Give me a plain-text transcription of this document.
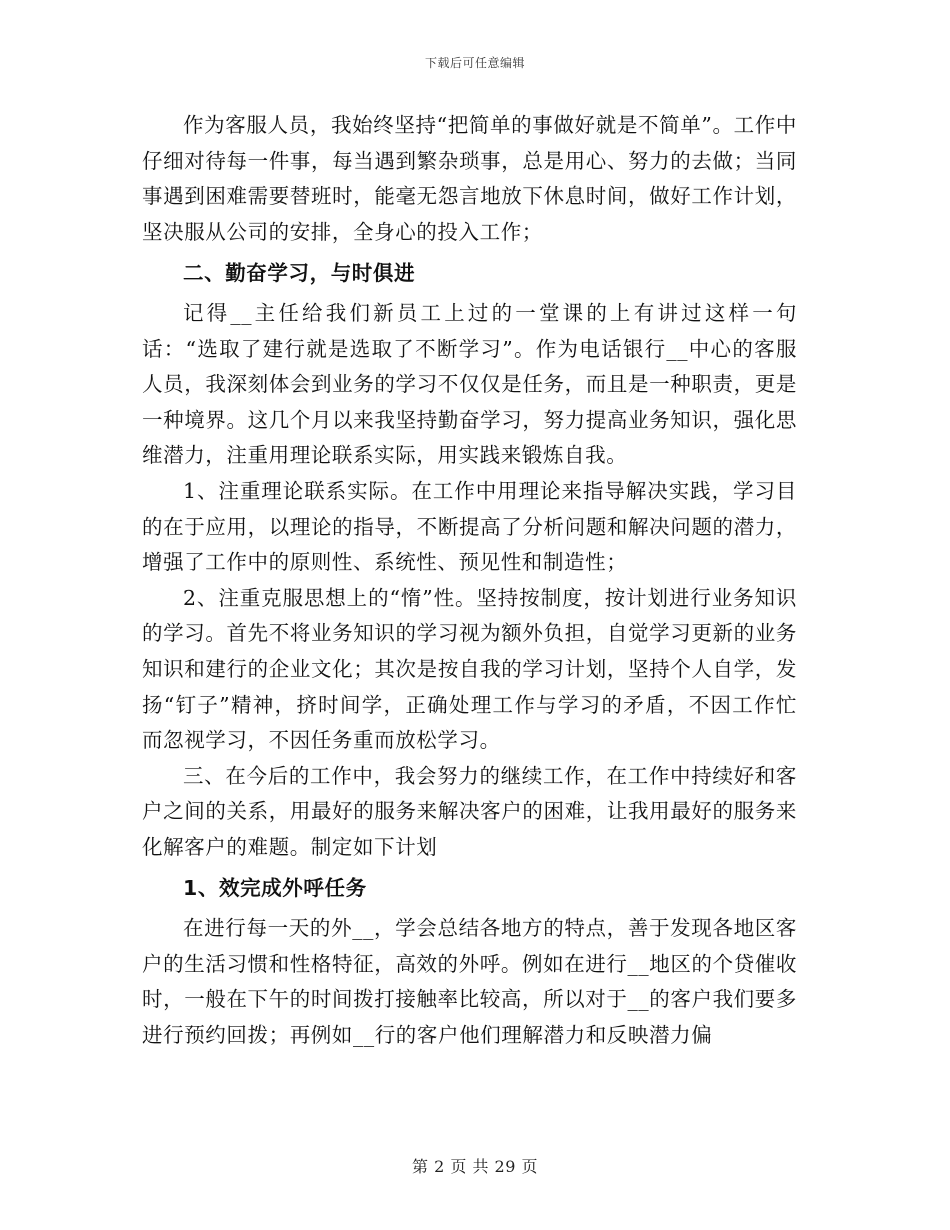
下载后可任意编辑

作为客服人员，我始终坚持“把简单的事做好就是不简单”。工作中仔细对待每一件事，每当遇到繁杂琐事，总是用心、努力的去做；当同事遇到困难需要替班时，能毫无怨言地放下休息时间，做好工作计划，坚决服从公司的安排，全身心的投入工作；

二、勤奋学习，与时俱进

记得__主任给我们新员工上过的一堂课的上有讲过这样一句话：“选取了建行就是选取了不断学习”。作为电话银行__中心的客服人员，我深刻体会到业务的学习不仅仅是任务，而且是一种职责，更是一种境界。这几个月以来我坚持勤奋学习，努力提高业务知识，强化思维潜力，注重用理论联系实际，用实践来锻炼自我。

1、注重理论联系实际。在工作中用理论来指导解决实践，学习目的在于应用，以理论的指导，不断提高了分析问题和解决问题的潜力，增强了工作中的原则性、系统性、预见性和制造性；

2、注重克服思想上的“惰”性。坚持按制度，按计划进行业务知识的学习。首先不将业务知识的学习视为额外负担，自觉学习更新的业务知识和建行的企业文化；其次是按自我的学习计划，坚持个人自学，发扬“钉子”精神，挤时间学，正确处理工作与学习的矛盾，不因工作忙而忽视学习，不因任务重而放松学习。

三、在今后的工作中，我会努力的继续工作，在工作中持续好和客户之间的关系，用最好的服务来解决客户的困难，让我用最好的服务来化解客户的难题。制定如下计划

1、效完成外呼任务

在进行每一天的外__，学会总结各地方的特点，善于发现各地区客户的生活习惯和性格特征，高效的外呼。例如在进行__地区的个贷催收时，一般在下午的时间拨打接触率比较高，所以对于__的客户我们要多进行预约回拨；再例如__行的客户他们理解潜力和反映潜力偏

第 2 页 共 29 页
